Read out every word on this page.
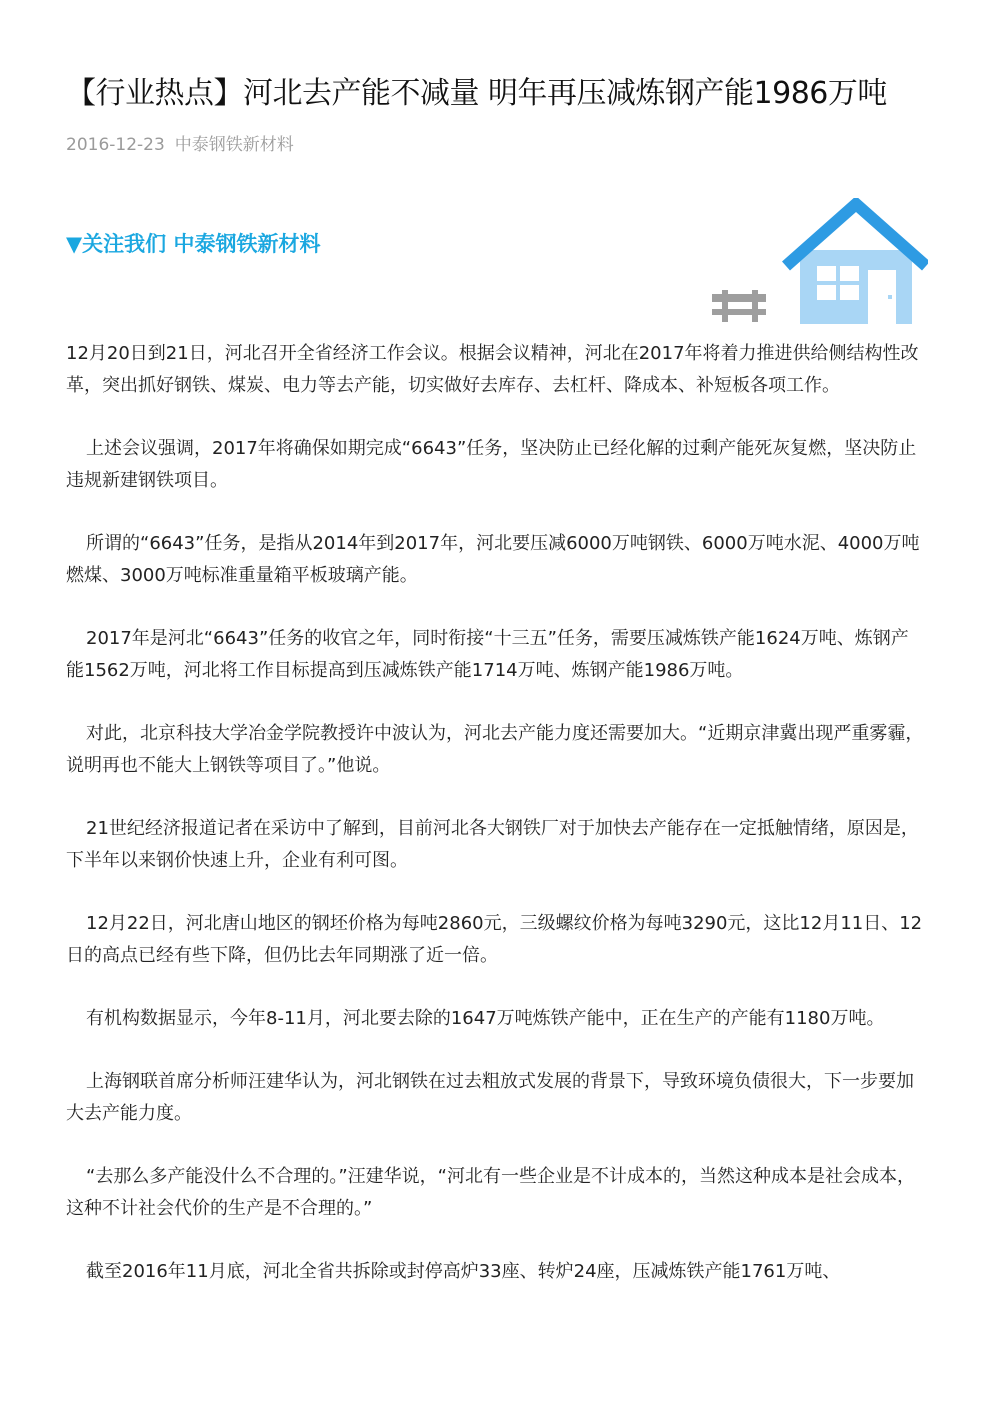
【行业热点】河北去产能不减量 明年再压减炼钢产能1986万吨
2016-12-23 中泰钢铁新材料
▼关注我们 中泰钢铁新材料

12月20日到21日，河北召开全省经济工作会议。根据会议精神，河北在2017年将着力推进供给侧结构性改革，突出抓好钢铁、煤炭、电力等去产能，切实做好去库存、去杠杆、降成本、补短板各项工作。

上述会议强调，2017年将确保如期完成“6643”任务，坚决防止已经化解的过剩产能死灰复燃，坚决防止违规新建钢铁项目。

所谓的“6643”任务，是指从2014年到2017年，河北要压减6000万吨钢铁、6000万吨水泥、4000万吨燃煤、3000万吨标准重量箱平板玻璃产能。

2017年是河北“6643”任务的收官之年，同时衔接“十三五”任务，需要压减炼铁产能1624万吨、炼钢产能1562万吨，河北将工作目标提高到压减炼铁产能1714万吨、炼钢产能1986万吨。

对此，北京科技大学冶金学院教授许中波认为，河北去产能力度还需要加大。“近期京津冀出现严重雾霾，说明再也不能大上钢铁等项目了。”他说。

21世纪经济报道记者在采访中了解到，目前河北各大钢铁厂对于加快去产能存在一定抵触情绪，原因是，下半年以来钢价快速上升，企业有利可图。

12月22日，河北唐山地区的钢坯价格为每吨2860元，三级螺纹价格为每吨3290元，这比12月11日、12日的高点已经有些下降，但仍比去年同期涨了近一倍。

有机构数据显示，今年8-11月，河北要去除的1647万吨炼铁产能中，正在生产的产能有1180万吨。

上海钢联首席分析师汪建华认为，河北钢铁在过去粗放式发展的背景下，导致环境负债很大，下一步要加大去产能力度。

“去那么多产能没什么不合理的。”汪建华说，“河北有一些企业是不计成本的，当然这种成本是社会成本，这种不计社会代价的生产是不合理的。”

截至2016年11月底，河北全省共拆除或封停高炉33座、转炉24座，压减炼铁产能1761万吨、
